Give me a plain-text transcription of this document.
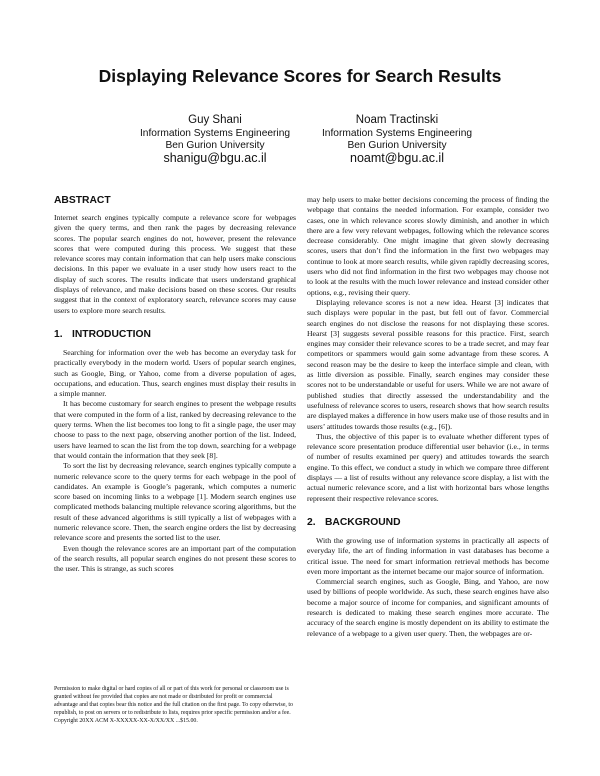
Displaying Relevance Scores for Search Results
Guy Shani
Information Systems Engineering
Ben Gurion University
shanigu@bgu.ac.il
Noam Tractinski
Information Systems Engineering
Ben Gurion University
noamt@bgu.ac.il
ABSTRACT

Internet search engines typically compute a relevance score for webpages given the query terms, and then rank the pages by decreasing relevance scores. The popular search engines do not, however, present the relevance scores that were computed during this process. We suggest that these relevance scores may contain information that can help users make conscious decisions. In this paper we evaluate in a user study how users react to the display of such scores. The results indicate that users understand graphical displays of relevance, and make decisions based on these scores. Our results suggest that in the context of exploratory search, relevance scores may cause users to explore more search results.

1. INTRODUCTION

Searching for information over the web has become an everyday task for practically everybody in the modern world. Users of popular search engines, such as Google, Bing, or Yahoo, come from a diverse population of ages, occupations, and education. Thus, search engines must display their results in a simple manner.

It has become customary for search engines to present the webpage results that were computed in the form of a list, ranked by decreasing relevance to the query terms. When the list becomes too long to fit a single page, the user may choose to pass to the next page, observing another portion of the list. Indeed, users have learned to scan the list from the top down, searching for a webpage that would contain the information that they seek [8].

To sort the list by decreasing relevance, search engines typically compute a numeric relevance score to the query terms for each webpage in the pool of candidates. An example is Google’s pagerank, which computes a numeric score based on incoming links to a webpage [1]. Modern search engines use complicated methods balancing multiple relevance scoring algorithms, but the result of these advanced algorithms is still typically a list of webpages with a numeric relevance score. Then, the search engine orders the list by decreasing relevance score and presents the sorted list to the user.

Even though the relevance scores are an important part of the computation of the search results, all popular search engines do not present these scores to the user. This is strange, as such scores

Permission to make digital or hard copies of all or part of this work for personal or classroom use is granted without fee provided that copies are not made or distributed for profit or commercial advantage and that copies bear this notice and the full citation on the first page. To copy otherwise, to republish, to post on servers or to redistribute to lists, requires prior specific permission and/or a fee.

Copyright 20XX ACM X-XXXXX-XX-X/XX/XX ...$15.00.

may help users to make better decisions concerning the process of finding the webpage that contains the needed information. For example, consider two cases, one in which relevance scores slowly diminish, and another in which there are a few very relevant webpages, following which the relevance scores decrease considerably. One might imagine that given slowly decreasing scores, users that don’t find the information in the first two webpages may continue to look at more search results, while given rapidly decreasing scores, users who did not find information in the first two webpages may choose not to look at the results with the much lower relevance and instead consider other options, e.g., revising their query.

Displaying relevance scores is not a new idea. Hearst [3] indicates that such displays were popular in the past, but fell out of favor. Commercial search engines do not disclose the reasons for not displaying these scores. Hearst [3] suggests several possible reasons for this practice. First, search engines may consider their relevance scores to be a trade secret, and may fear competitors or spammers would gain some advantage from these scores. A second reason may be the desire to keep the interface simple and clean, with as little diversion as possible. Finally, search engines may consider these scores not to be understandable or useful for users. While we are not aware of published studies that directly assessed the understandability and the usefulness of relevance scores to users, research shows that how search results are displayed makes a difference in how users make use of those results and in users’ attitudes towards those results (e.g., [6]).

Thus, the objective of this paper is to evaluate whether different types of relevance score presentation produce differential user behavior (i.e., in terms of number of results examined per query) and attitudes towards the search engine. To this effect, we conduct a study in which we compare three different displays — a list of results without any relevance score display, a list with the actual numeric relevance score, and a list with horizontal bars whose lengths represent their respective relevance scores.

2. BACKGROUND

With the growing use of information systems in practically all aspects of everyday life, the art of finding information in vast databases has become a critical issue. The need for smart information retrieval methods has become even more important as the internet became our major source of information.

Commercial search engines, such as Google, Bing, and Yahoo, are now used by billions of people worldwide. As such, these search engines have also become a major source of income for companies, and significant amounts of research is dedicated to making these search engines more accurate. The accuracy of the search engine is mostly dependent on its ability to estimate the relevance of a webpage to a given user query. Then, the webpages are or-
